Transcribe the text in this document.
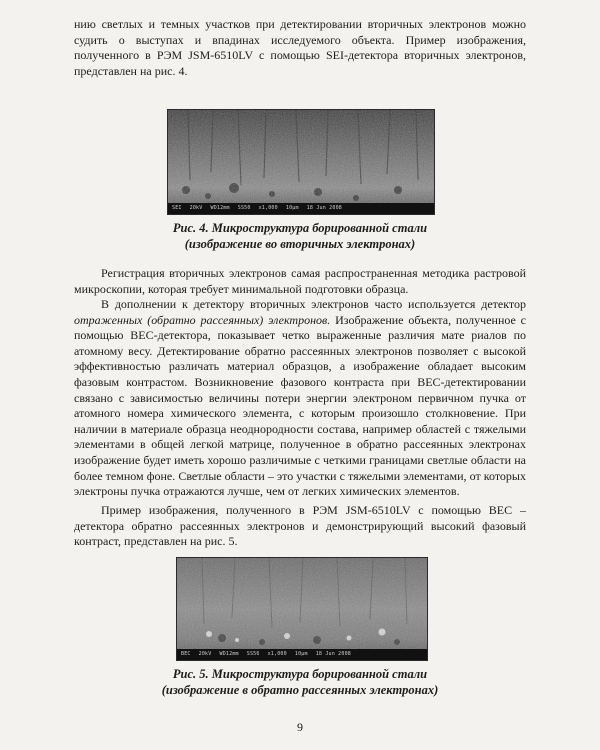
нию светлых и темных участков при детектировании вторичных электронов можно судить о выступах и впадинах исследуемого объекта. Пример изображения, полученного в РЭМ JSM-6510LV с помощью SEI-детектора вторичных электронов, представлен на рис. 4.

SEI 20kV WD12mm SS50 x1,000 10μm 18 Jun 2008

Рис. 4. Микроструктура борированной стали

(изображение во вторичных электронах)

Регистрация вторичных электронов самая распространенная методика растровой микроскопии, которая требует минимальной подготовки образца.

В дополнении к детектору вторичных электронов часто используется детектор отраженных (обратно рассеянных) электронов. Изображение объекта, полученное с помощью ВЕС-детектора, показывает четко выраженные различия мате риалов по атомному весу. Детектирование обратно рассеянных электронов позволяет с высокой эффективностью различать материал образцов, а изображение обладает высоким фазовым контрастом. Возникновение фазового контраста при ВЕС-детектировании связано с зависимостью величины потери энергии электроном первичном пучка от атомного номера химического элемента, с которым произошло столкновение. При наличии в материале образца неоднородности состава, например областей с тяжелыми элементами в общей легкой матрице, полученное в обратно рассеянных электронах изображение будет иметь хорошо различимые с четкими границами светлые области на более темном фоне. Светлые области – это участки с тяжелыми элементами, от которых электроны пучка отражаются лучше, чем от легких химических элементов.

Пример изображения, полученного в РЭМ JSM-6510LV с помощью ВЕС – детектора обратно рассеянных электронов и демонстрирующий высокий фазовый контраст, представлен на рис. 5.

BEC 20kV WD12mm SS56 x1,000 10μm 18 Jun 2008

Рис. 5. Микроструктура борированной стали

(изображение в обратно рассеянных электронах)

9
